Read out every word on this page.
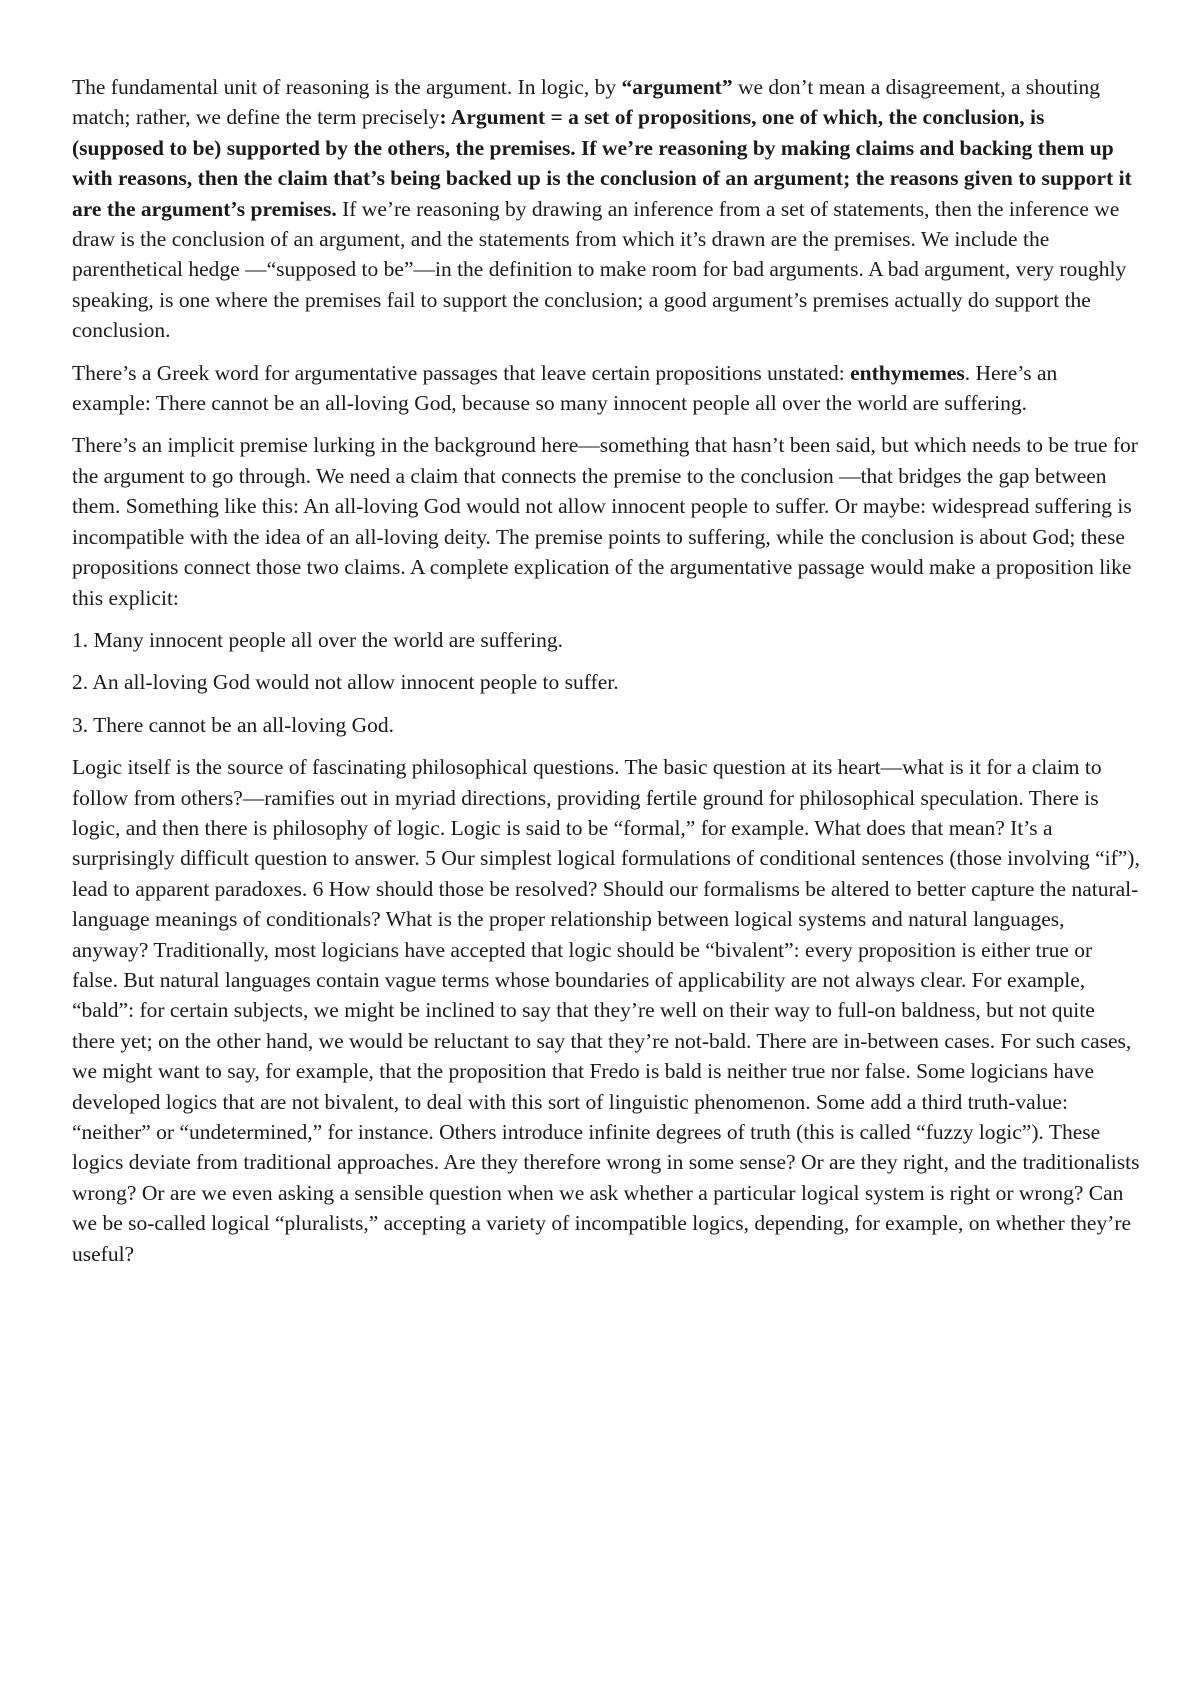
The fundamental unit of reasoning is the argument. In logic, by “argument” we don’t mean a disagreement, a shouting match; rather, we define the term precisely: Argument = a set of propositions, one of which, the conclusion, is (supposed to be) supported by the others, the premises. If we’re reasoning by making claims and backing them up with reasons, then the claim that’s being backed up is the conclusion of an argument; the reasons given to support it are the argument’s premises. If we’re reasoning by drawing an inference from a set of statements, then the inference we draw is the conclusion of an argument, and the statements from which it’s drawn are the premises. We include the parenthetical hedge —“supposed to be”—in the definition to make room for bad arguments. A bad argument, very roughly speaking, is one where the premises fail to support the conclusion; a good argument’s premises actually do support the conclusion.

There’s a Greek word for argumentative passages that leave certain propositions unstated: enthymemes. Here’s an example: There cannot be an all-loving God, because so many innocent people all over the world are suffering.

There’s an implicit premise lurking in the background here—something that hasn’t been said, but which needs to be true for the argument to go through. We need a claim that connects the premise to the conclusion —that bridges the gap between them. Something like this: An all-loving God would not allow innocent people to suffer. Or maybe: widespread suffering is incompatible with the idea of an all-loving deity. The premise points to suffering, while the conclusion is about God; these propositions connect those two claims. A complete explication of the argumentative passage would make a proposition like this explicit:

1. Many innocent people all over the world are suffering.

2. An all-loving God would not allow innocent people to suffer.

3. There cannot be an all-loving God.

Logic itself is the source of fascinating philosophical questions. The basic question at its heart—what is it for a claim to follow from others?—ramifies out in myriad directions, providing fertile ground for philosophical speculation. There is logic, and then there is philosophy of logic. Logic is said to be “formal,” for example. What does that mean? It’s a surprisingly difficult question to answer. 5 Our simplest logical formulations of conditional sentences (those involving “if”), lead to apparent paradoxes. 6 How should those be resolved? Should our formalisms be altered to better capture the natural-language meanings of conditionals? What is the proper relationship between logical systems and natural languages, anyway? Traditionally, most logicians have accepted that logic should be “bivalent”: every proposition is either true or false. But natural languages contain vague terms whose boundaries of applicability are not always clear. For example, “bald”: for certain subjects, we might be inclined to say that they’re well on their way to full-on baldness, but not quite there yet; on the other hand, we would be reluctant to say that they’re not-bald. There are in-between cases. For such cases, we might want to say, for example, that the proposition that Fredo is bald is neither true nor false. Some logicians have developed logics that are not bivalent, to deal with this sort of linguistic phenomenon. Some add a third truth-value: “neither” or “undetermined,” for instance. Others introduce infinite degrees of truth (this is called “fuzzy logic”). These logics deviate from traditional approaches. Are they therefore wrong in some sense? Or are they right, and the traditionalists wrong? Or are we even asking a sensible question when we ask whether a particular logical system is right or wrong? Can we be so-called logical “pluralists,” accepting a variety of incompatible logics, depending, for example, on whether they’re useful?
